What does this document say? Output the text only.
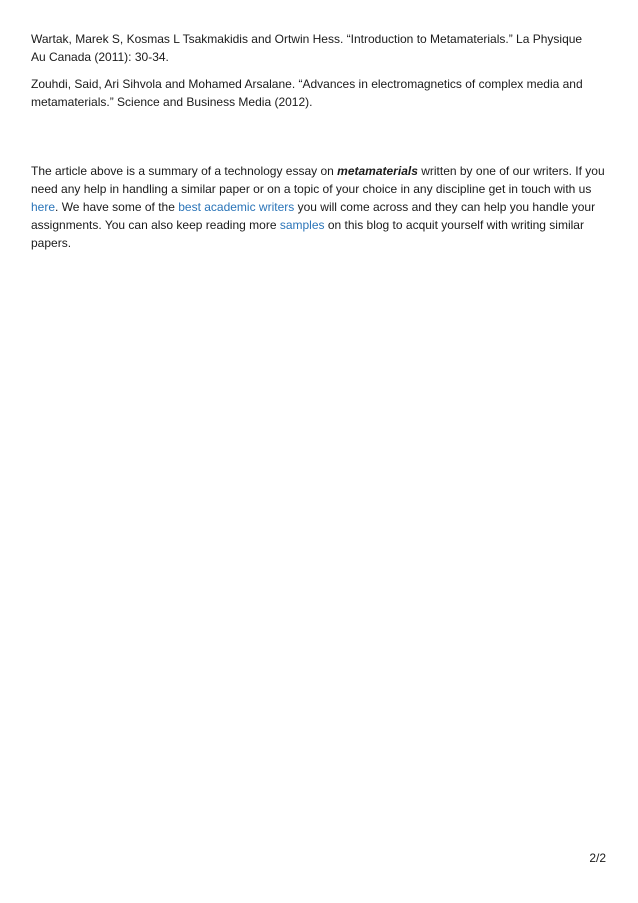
Wartak, Marek S, Kosmas L Tsakmakidis and Ortwin Hess. “Introduction to Metamaterials.” La Physique Au Canada (2011): 30-34.

Zouhdi, Said, Ari Sihvola and Mohamed Arsalane. “Advances in electromagnetics of complex media and metamaterials.” Science and Business Media (2012).

The article above is a summary of a technology essay on metamaterials written by one of our writers. If you need any help in handling a similar paper or on a topic of your choice in any discipline get in touch with us here. We have some of the best academic writers you will come across and they can help you handle your assignments. You can also keep reading more samples on this blog to acquit yourself with writing similar papers.

2/2
